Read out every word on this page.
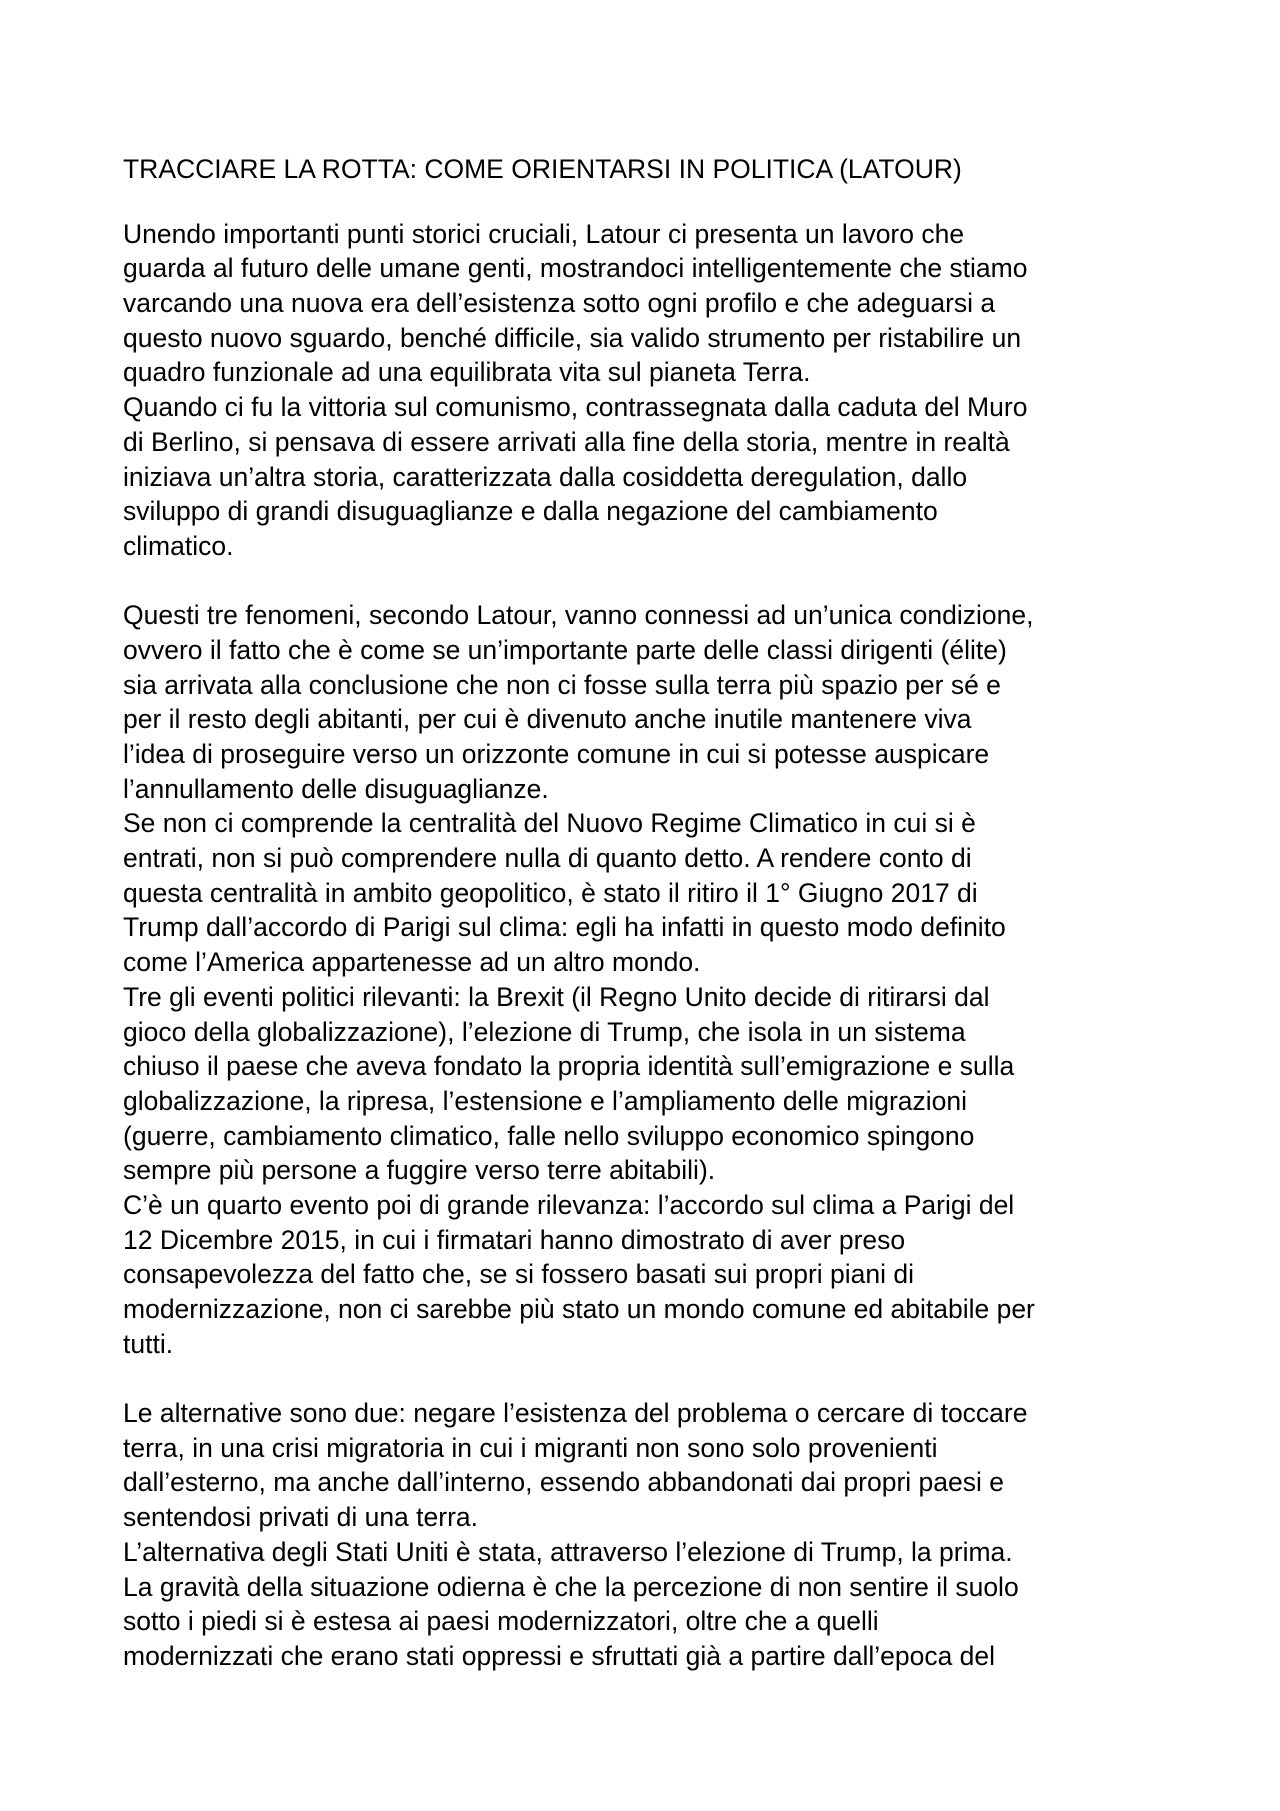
TRACCIARE LA ROTTA: COME ORIENTARSI IN POLITICA (LATOUR)
Unendo importanti punti storici cruciali, Latour ci presenta un lavoro che
guarda al futuro delle umane genti, mostrandoci intelligentemente che stiamo
varcando una nuova era dell’esistenza sotto ogni profilo e che adeguarsi a
questo nuovo sguardo, benché difficile, sia valido strumento per ristabilire un
quadro funzionale ad una equilibrata vita sul pianeta Terra.
Quando ci fu la vittoria sul comunismo, contrassegnata dalla caduta del Muro
di Berlino, si pensava di essere arrivati alla fine della storia, mentre in realtà
iniziava un’altra storia, caratterizzata dalla cosiddetta deregulation, dallo
sviluppo di grandi disuguaglianze e dalla negazione del cambiamento
climatico.
Questi tre fenomeni, secondo Latour, vanno connessi ad un’unica condizione,
ovvero il fatto che è come se un’importante parte delle classi dirigenti (élite)
sia arrivata alla conclusione che non ci fosse sulla terra più spazio per sé e
per il resto degli abitanti, per cui è divenuto anche inutile mantenere viva
l’idea di proseguire verso un orizzonte comune in cui si potesse auspicare
l’annullamento delle disuguaglianze.
Se non ci comprende la centralità del Nuovo Regime Climatico in cui si è
entrati, non si può comprendere nulla di quanto detto. A rendere conto di
questa centralità in ambito geopolitico, è stato il ritiro il 1° Giugno 2017 di
Trump dall’accordo di Parigi sul clima: egli ha infatti in questo modo definito
come l’America appartenesse ad un altro mondo.
Tre gli eventi politici rilevanti: la Brexit (il Regno Unito decide di ritirarsi dal
gioco della globalizzazione), l’elezione di Trump, che isola in un sistema
chiuso il paese che aveva fondato la propria identità sull’emigrazione e sulla
globalizzazione, la ripresa, l’estensione e l’ampliamento delle migrazioni
(guerre, cambiamento climatico, falle nello sviluppo economico spingono
sempre più persone a fuggire verso terre abitabili).
C’è un quarto evento poi di grande rilevanza: l’accordo sul clima a Parigi del
12 Dicembre 2015, in cui i firmatari hanno dimostrato di aver preso
consapevolezza del fatto che, se si fossero basati sui propri piani di
modernizzazione, non ci sarebbe più stato un mondo comune ed abitabile per
tutti.
Le alternative sono due: negare l’esistenza del problema o cercare di toccare
terra, in una crisi migratoria in cui i migranti non sono solo provenienti
dall’esterno, ma anche dall’interno, essendo abbandonati dai propri paesi e
sentendosi privati di una terra.
L’alternativa degli Stati Uniti è stata, attraverso l’elezione di Trump, la prima.
La gravità della situazione odierna è che la percezione di non sentire il suolo
sotto i piedi si è estesa ai paesi modernizzatori, oltre che a quelli
modernizzati che erano stati oppressi e sfruttati già a partire dall’epoca del
